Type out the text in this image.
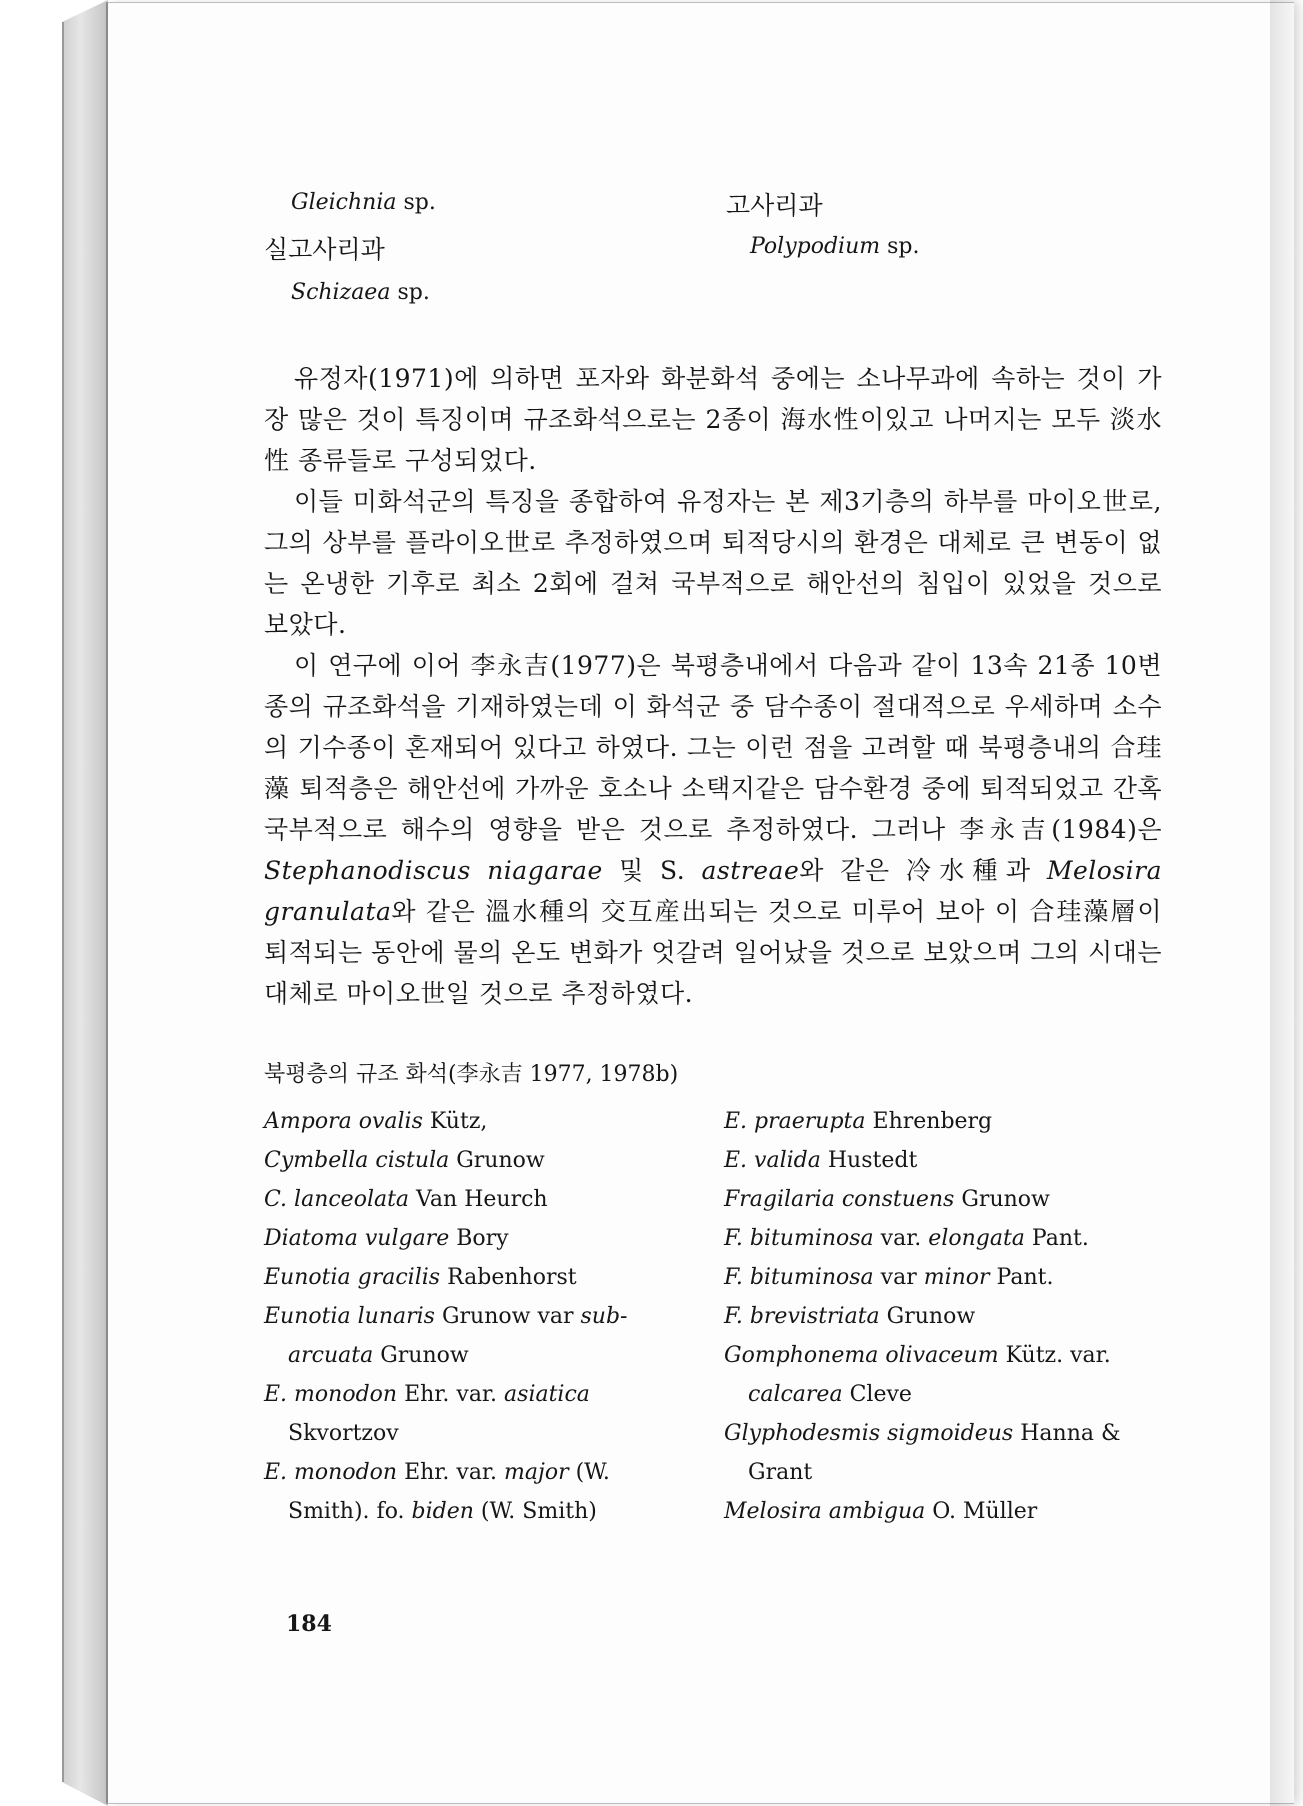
Gleichnia sp.	고사리과
실고사리과	Polypodium sp.
Schizaea sp.

유정자(1971)에 의하면 포자와 화분화석 중에는 소나무과에 속하는 것이 가장 많은 것이 특징이며 규조화석으로는 2종이 海水性이있고 나머지는 모두 淡水性 종류들로 구성되었다.

이들 미화석군의 특징을 종합하여 유정자는 본 제3기층의 하부를 마이오世로, 그의 상부를 플라이오世로 추정하였으며 퇴적당시의 환경은 대체로 큰 변동이 없는 온냉한 기후로 최소 2회에 걸쳐 국부적으로 해안선의 침입이 있었을 것으로 보았다.

이 연구에 이어 李永吉(1977)은 북평층내에서 다음과 같이 13속 21종 10변종의 규조화석을 기재하였는데 이 화석군 중 담수종이 절대적으로 우세하며 소수의 기수종이 혼재되어 있다고 하였다. 그는 이런 점을 고려할 때 북평층내의 合珪藻 퇴적층은 해안선에 가까운 호소나 소택지같은 담수환경 중에 퇴적되었고 간혹 국부적으로 해수의 영향을 받은 것으로 추정하였다. 그러나 李永吉(1984)은 Stephanodiscus niagarae 및 S. astreae와 같은 冷水種과 Melosira granulata와 같은 溫水種의 交互産出되는 것으로 미루어 보아 이 合珪藻層이 퇴적되는 동안에 물의 온도 변화가 엇갈려 일어났을 것으로 보았으며 그의 시대는 대체로 마이오世일 것으로 추정하였다.

북평층의 규조 화석(李永吉 1977, 1978b)
Ampora ovalis Kütz,
Cymbella cistula Grunow
C. lanceolata Van Heurch
Diatoma vulgare Bory
Eunotia gracilis Rabenhorst
Eunotia lunaris Grunow var sub-
arcuata Grunow
E. monodon Ehr. var. asiatica
Skvortzov
E. monodon Ehr. var. major (W.
Smith). fo. biden (W. Smith)
E. praerupta Ehrenberg
E. valida Hustedt
Fragilaria constuens Grunow
F. bituminosa var. elongata Pant.
F. bituminosa var minor Pant.
F. brevistriata Grunow
Gomphonema olivaceum Kütz. var.
calcarea Cleve
Glyphodesmis sigmoideus Hanna &
Grant
Melosira ambigua O. Müller
184
